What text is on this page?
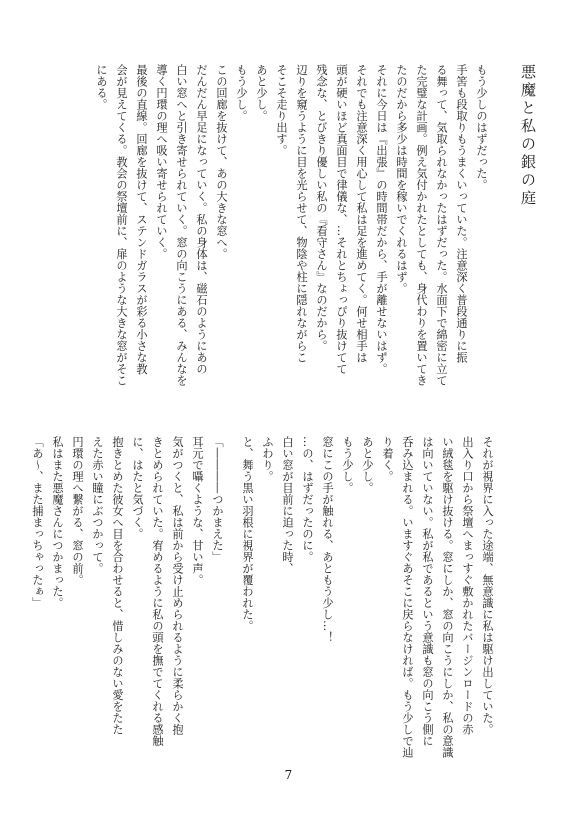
悪魔と私の銀の庭
もう少しのはずだった。
手筈も段取りもうまくいっていた。注意深く普段通りに振
る舞って、気取られなかったはずだった。水面下で綿密に立て
た完璧な計画。例え気付かれたとしても、身代わりを置いてき
たのだから多少は時間を稼いでくれるはず。
それに今日は『出張』の時間帯だから、手が離せないはず。
それでも注意深く用心して私は足を進めてく。何せ相手は
頭が硬いほど真面目で律儀な、…それとちょっぴり抜けてて
残念な、とびきり優しい私の『看守さん』なのだから。
辺りを窺うように目を光らせて、物陰や柱に隠れながらこ
そこそ走り出す。
あと少し。
もう少し。
この回廊を抜けて、あの大きな窓へ。
だんだん早足になっていく。私の身体は、磁石のようにあの
白い窓へと引き寄せられていく。窓の向こうにある、みんなを
導く円環の理へ吸い寄せられていく。
最後の直線。回廊を抜けて、ステンドガラスが彩る小さな教
会が見えてくる。教会の祭壇前に、扉のような大きな窓がそこ
にある。
それが視界に入った途端、無意識に私は駆け出していた。
出入り口から祭壇へまっすぐ敷かれたバージンロードの赤
い絨毯を駆け抜ける。窓にしか、窓の向こうにしか、私の意識
は向いていない。私が私であるという意識も窓の向こう側に
呑み込まれる。いますぐあそこに戻らなければ。もう少しで辿
り着く。
あと少し。
もう少し。
窓にこの手が触れる、あともう少し…！
…の、はずだったのに。
白い窓が目前に迫った時、
ふわり。
と、舞う黒い羽根に視界が覆われた。
「――――つかまえた」
耳元で囁くような、甘い声。
気がつくと、私は前から受け止められるように柔らかく抱
きとめられていた。宥めるように私の頭を撫でてくれる感触
に、はたと気づく。
抱きとめた彼女へ目を合わせると、惜しみのない愛をたた
えた赤い瞳にぶつかって。
円環の理へ繋がる、窓の前。
私はまた悪魔さんにつかまった。
「あ〜、また捕まっちゃったぁ」
7
